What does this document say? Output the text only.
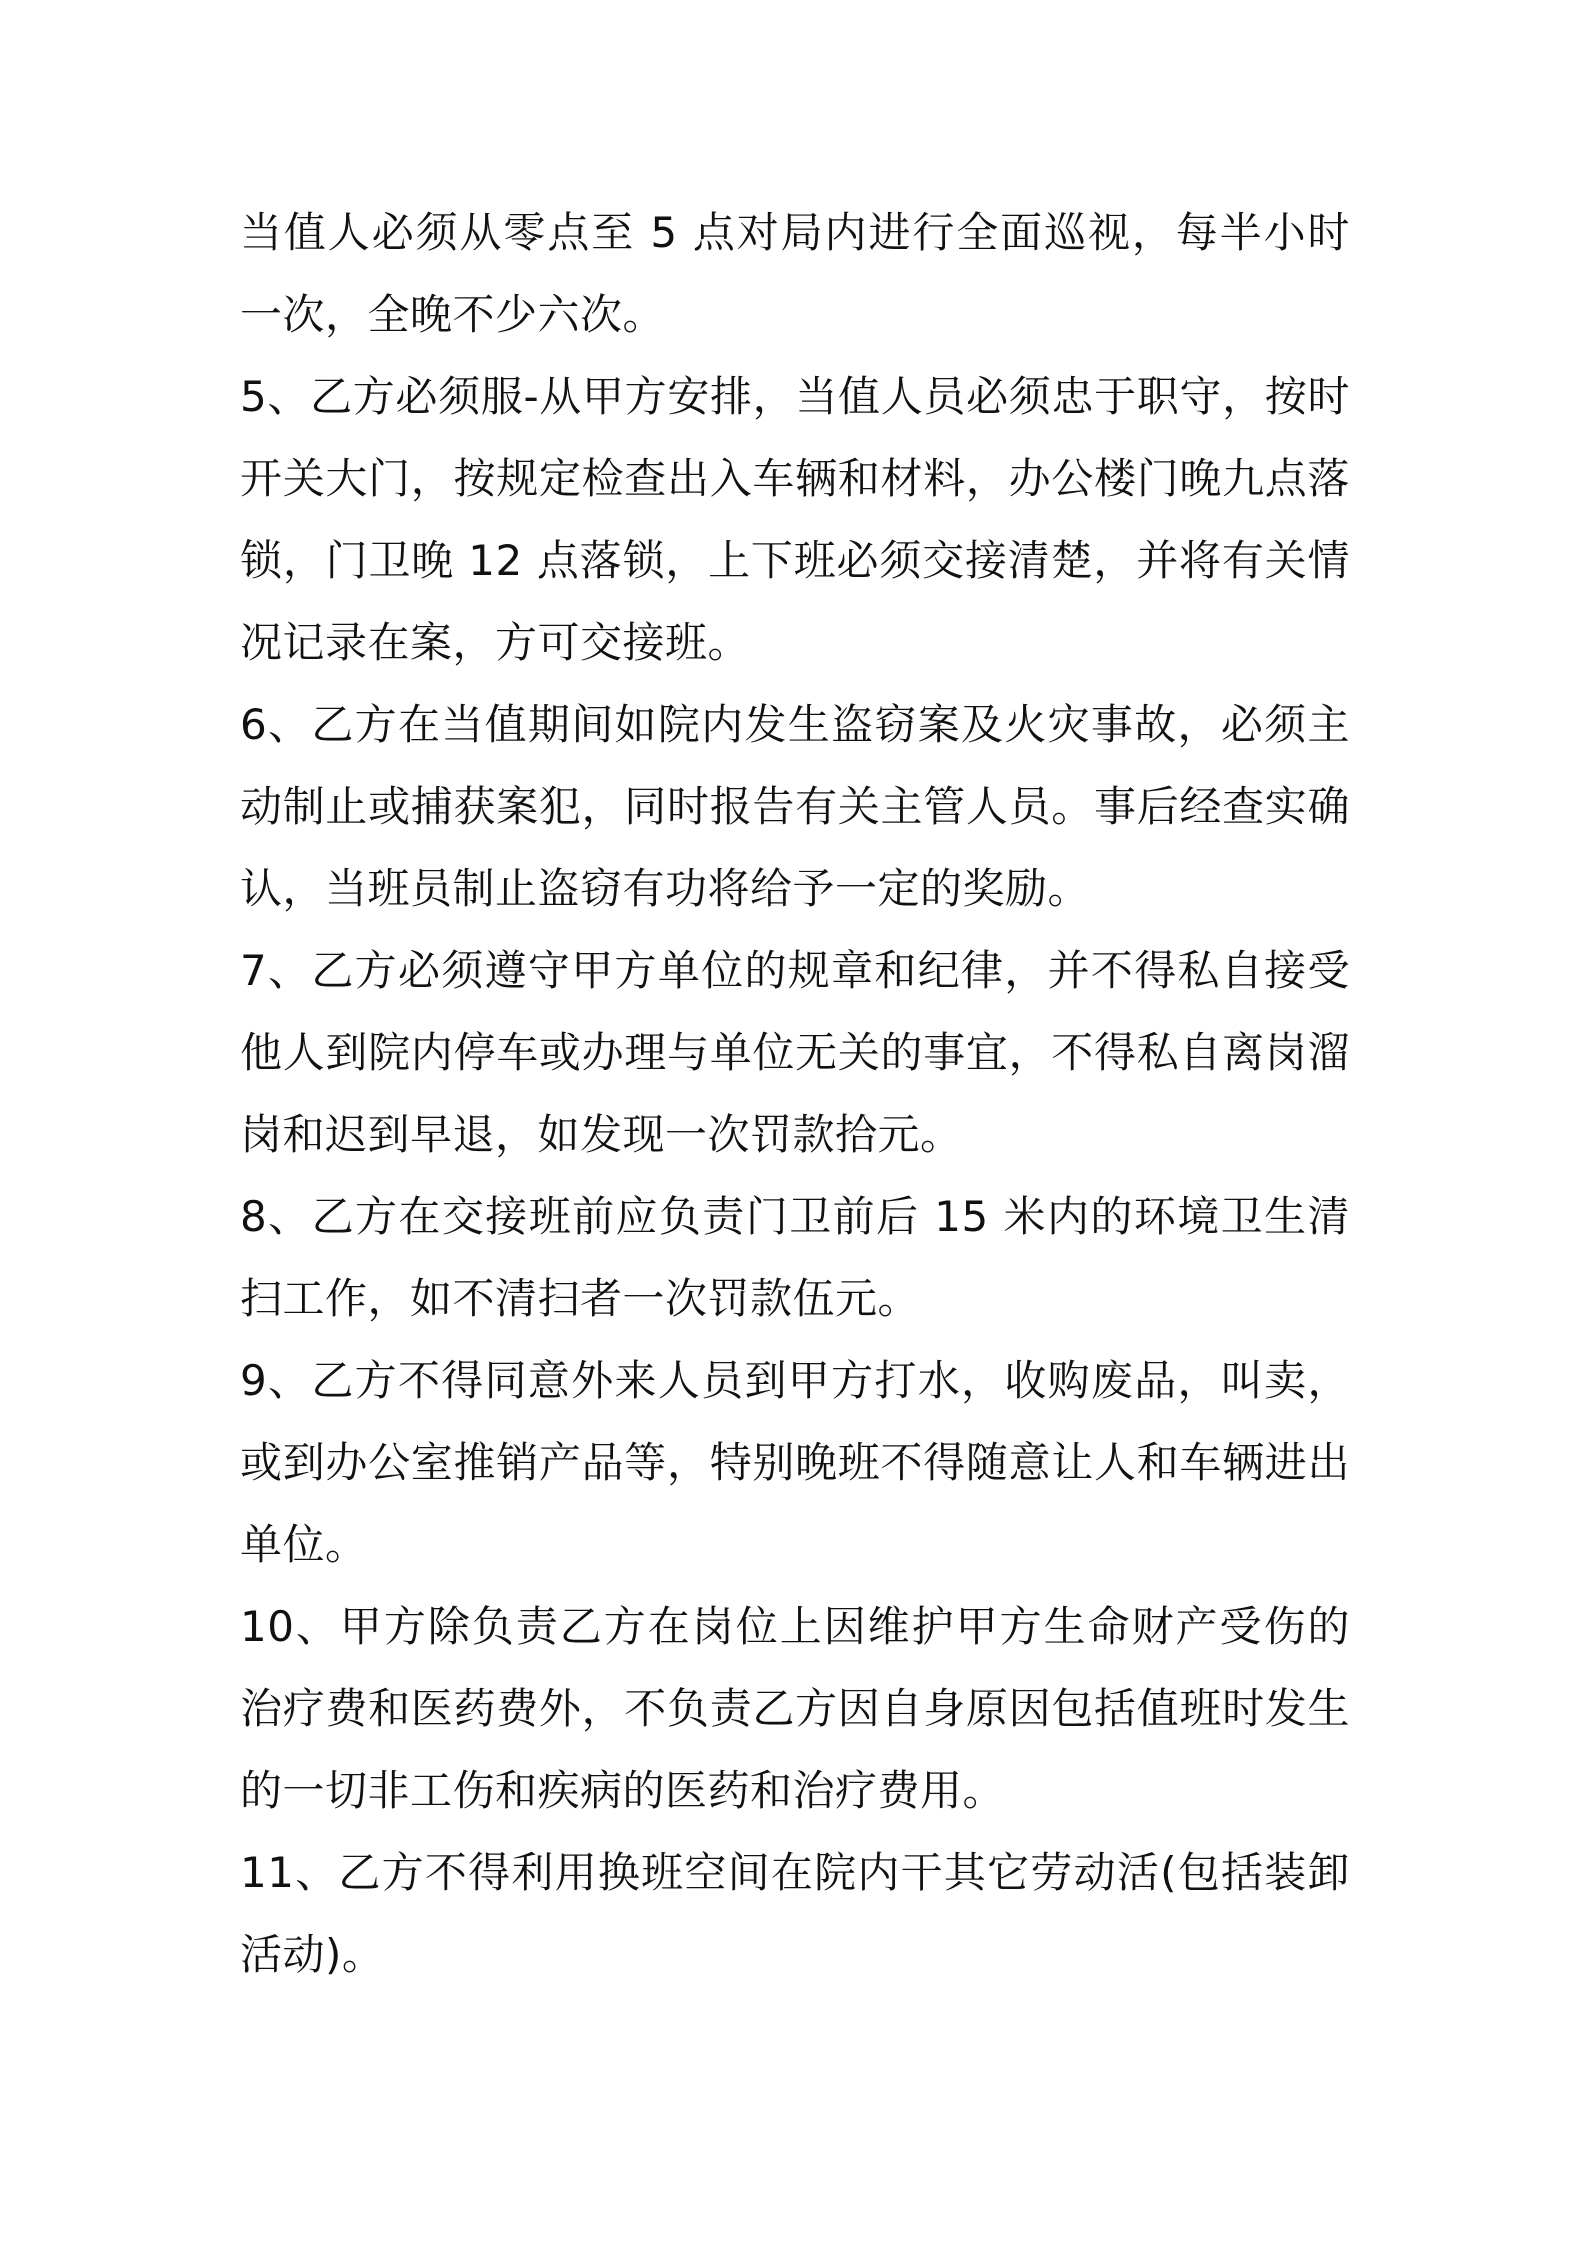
当值人必须从零点至 5 点对局内进行全面巡视，每半小时一次，全晚不少六次。

5、乙方必须服-从甲方安排，当值人员必须忠于职守，按时开关大门，按规定检查出入车辆和材料，办公楼门晚九点落锁，门卫晚 12 点落锁，上下班必须交接清楚，并将有关情况记录在案，方可交接班。

6、乙方在当值期间如院内发生盗窃案及火灾事故，必须主动制止或捕获案犯，同时报告有关主管人员。事后经查实确认，当班员制止盗窃有功将给予一定的奖励。

7、乙方必须遵守甲方单位的规章和纪律，并不得私自接受他人到院内停车或办理与单位无关的事宜，不得私自离岗溜岗和迟到早退，如发现一次罚款拾元。

8、乙方在交接班前应负责门卫前后 15 米内的环境卫生清扫工作，如不清扫者一次罚款伍元。

9、乙方不得同意外来人员到甲方打水，收购废品，叫卖，或到办公室推销产品等，特别晚班不得随意让人和车辆进出单位。

10、甲方除负责乙方在岗位上因维护甲方生命财产受伤的治疗费和医药费外，不负责乙方因自身原因包括值班时发生的一切非工伤和疾病的医药和治疗费用。

11、乙方不得利用换班空间在院内干其它劳动活(包括装卸活动)。
